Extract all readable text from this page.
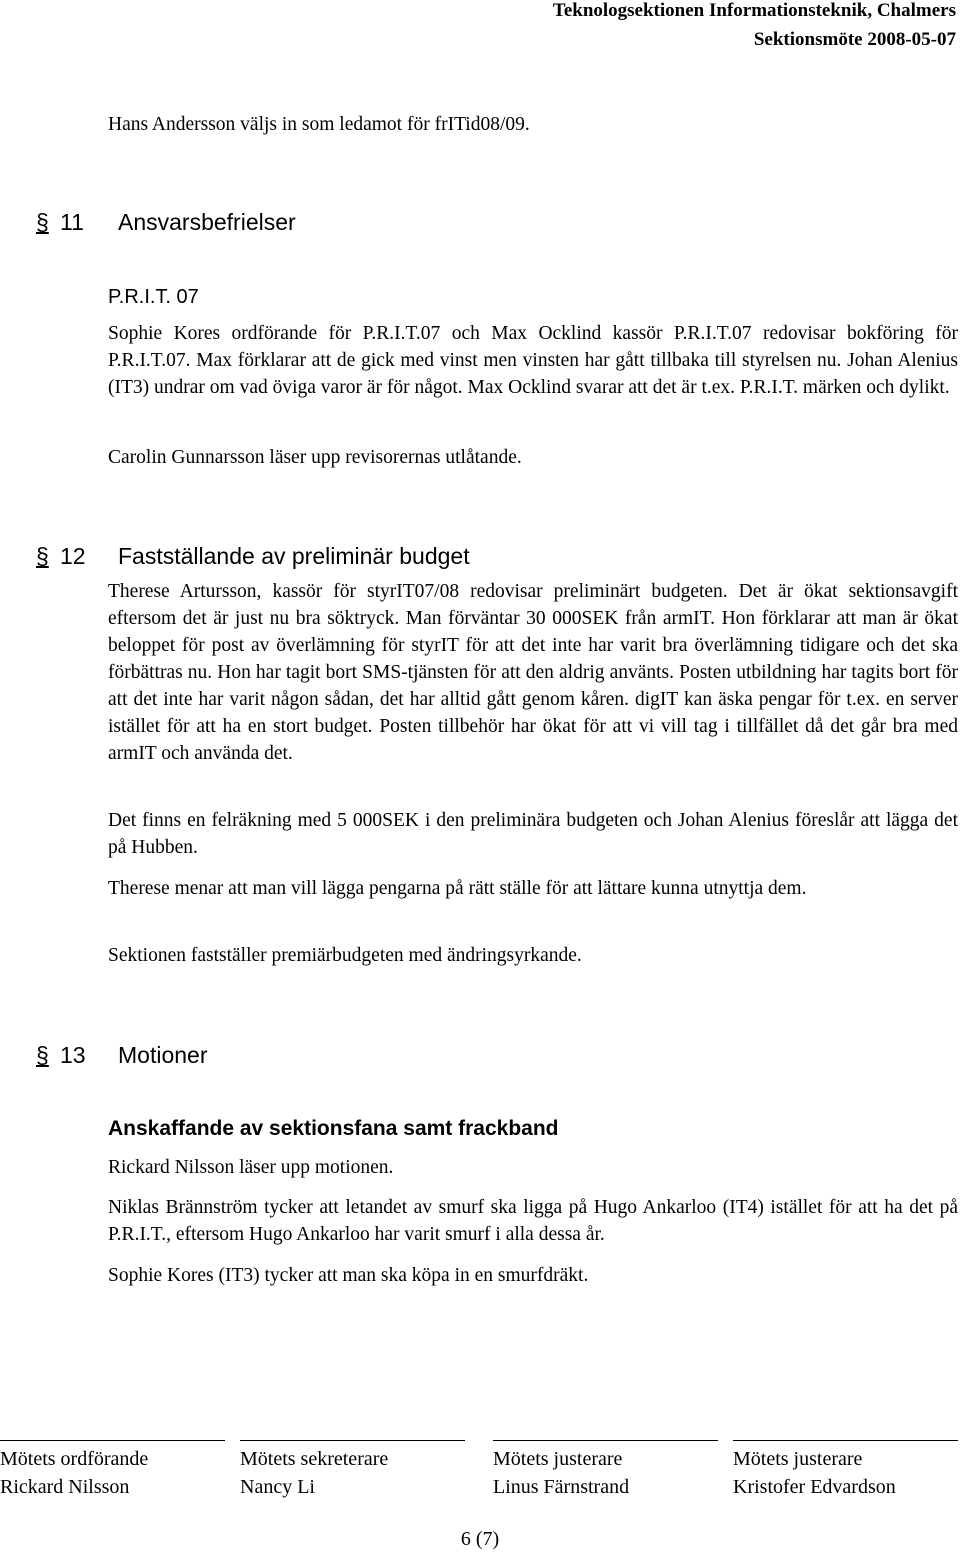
Teknologsektionen Informationsteknik, Chalmers
Sektionsmöte 2008-05-07
Hans Andersson väljs in som ledamot för frITid08/09.
§ 11 Ansvarsbefrielser
P.R.I.T. 07
Sophie Kores ordförande för P.R.I.T.07 och Max Ocklind kassör P.R.I.T.07 redovisar bokföring för P.R.I.T.07. Max förklarar att de gick med vinst men vinsten har gått tillbaka till styrelsen nu. Johan Alenius (IT3) undrar om vad öviga varor är för något. Max Ocklind svarar att det är t.ex. P.R.I.T. märken och dylikt.
Carolin Gunnarsson läser upp revisorernas utlåtande.
§ 12 Fastställande av preliminär budget
Therese Artursson, kassör för styrIT07/08 redovisar preliminärt budgeten. Det är ökat sektionsavgift eftersom det är just nu bra söktryck. Man förväntar 30 000SEK från armIT. Hon förklarar att man är ökat beloppet för post av överlämning för styrIT för att det inte har varit bra överlämning tidigare och det ska förbättras nu. Hon har tagit bort SMS-tjänsten för att den aldrig använts. Posten utbildning har tagits bort för att det inte har varit någon sådan, det har alltid gått genom kåren. digIT kan äska pengar för t.ex. en server istället för att ha en stort budget. Posten tillbehör har ökat för att vi vill tag i tillfället då det går bra med armIT och använda det.
Det finns en felräkning med 5 000SEK i den preliminära budgeten och Johan Alenius föreslår att lägga det på Hubben.
Therese menar att man vill lägga pengarna på rätt ställe för att lättare kunna utnyttja dem.
Sektionen fastställer premiärbudgeten med ändringsyrkande.
§ 13 Motioner
Anskaffande av sektionsfana samt frackband
Rickard Nilsson läser upp motionen.
Niklas Brännström tycker att letandet av smurf ska ligga på Hugo Ankarloo (IT4) istället för att ha det på P.R.I.T., eftersom Hugo Ankarloo har varit smurf i alla dessa år.
Sophie Kores (IT3) tycker att man ska köpa in en smurfdräkt.
Mötets ordförande
Rickard Nilsson
Mötets sekreterare
Nancy Li
Mötets justerare
Linus Färnstrand
Mötets justerare
Kristofer Edvardson
6 (7)
